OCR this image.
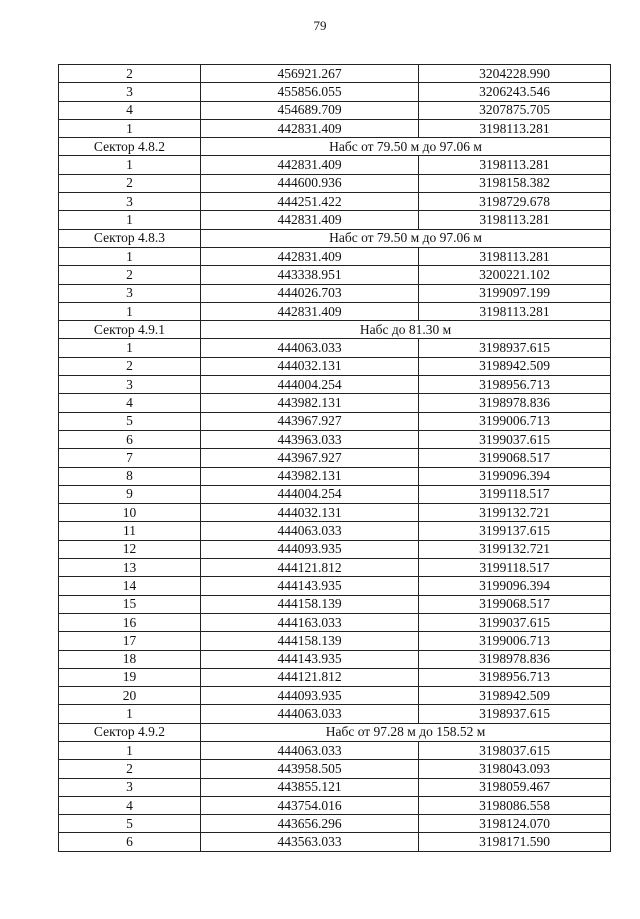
79
2	456921.267	3204228.990
3	455856.055	3206243.546
4	454689.709	3207875.705
1	442831.409	3198113.281
Сектор 4.8.2	Набс от 79.50 м до 97.06 м	
1	442831.409	3198113.281
2	444600.936	3198158.382
3	444251.422	3198729.678
1	442831.409	3198113.281
Сектор 4.8.3	Набс от 79.50 м до 97.06 м	
1	442831.409	3198113.281
2	443338.951	3200221.102
3	444026.703	3199097.199
1	442831.409	3198113.281
Сектор 4.9.1	Набс до 81.30 м	
1	444063.033	3198937.615
2	444032.131	3198942.509
3	444004.254	3198956.713
4	443982.131	3198978.836
5	443967.927	3199006.713
6	443963.033	3199037.615
7	443967.927	3199068.517
8	443982.131	3199096.394
9	444004.254	3199118.517
10	444032.131	3199132.721
11	444063.033	3199137.615
12	444093.935	3199132.721
13	444121.812	3199118.517
14	444143.935	3199096.394
15	444158.139	3199068.517
16	444163.033	3199037.615
17	444158.139	3199006.713
18	444143.935	3198978.836
19	444121.812	3198956.713
20	444093.935	3198942.509
1	444063.033	3198937.615
Сектор 4.9.2	Набс от 97.28 м до 158.52 м	
1	444063.033	3198037.615
2	443958.505	3198043.093
3	443855.121	3198059.467
4	443754.016	3198086.558
5	443656.296	3198124.070
6	443563.033	3198171.590
